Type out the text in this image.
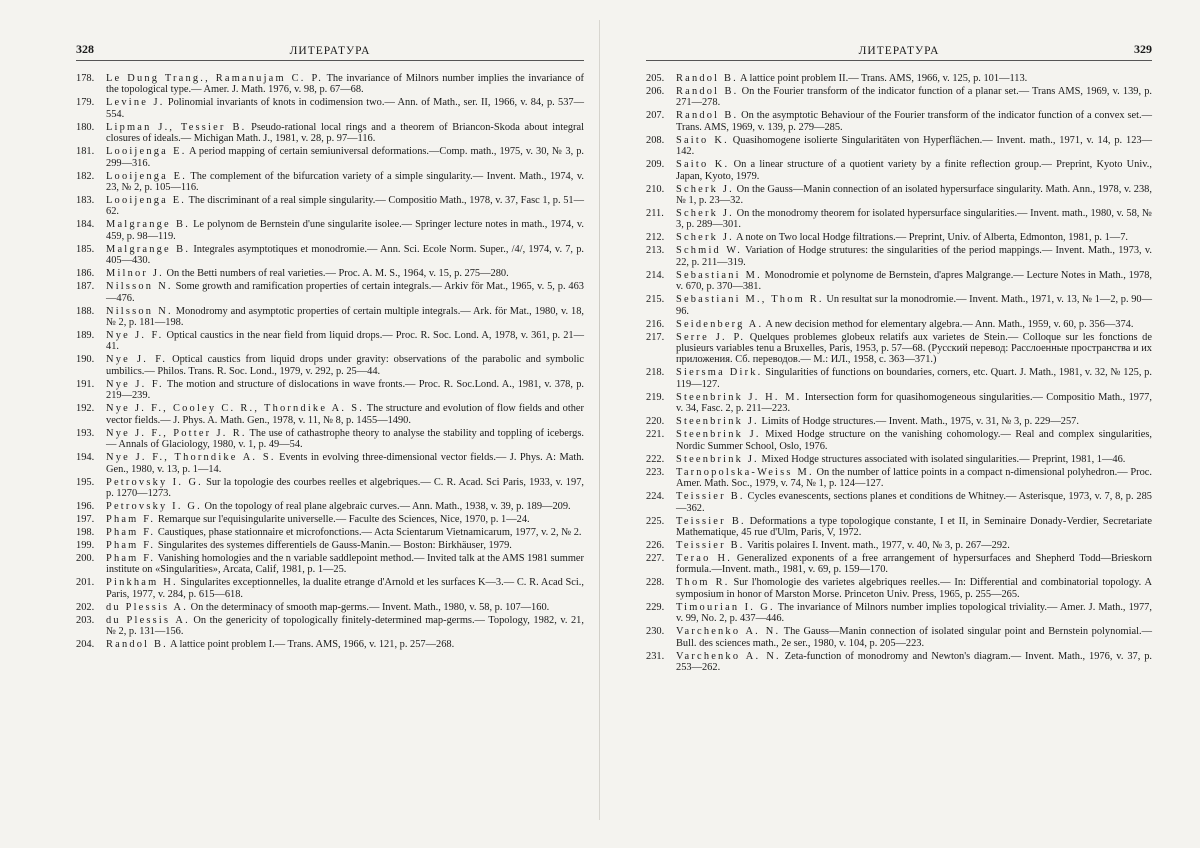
328	ЛИТЕРАТУРА
178.	Le Dung Trang., Ramanujam C. P. The invariance of Milnors number implies the invariance of the topological type.— Amer. J. Math. 1976, v. 98, p. 67—68.
179.	Levine J. Polinomial invariants of knots in codimension two.— Ann. of Math., ser. II, 1966, v. 84, p. 537—554.
180.	Lipman J., Tessier B. Pseudo-rational local rings and a theorem of Briancon-Skoda about integral closures of ideals.— Michigan Math. J., 1981, v. 28, p. 97—116.
181.	Looijenga E. A period mapping of certain semiuniversal deformations.—Comp. math., 1975, v. 30, № 3, p. 299—316.
182.	Looijenga E. The complement of the bifurcation variety of a simple singularity.— Invent. Math., 1974, v. 23, № 2, p. 105—116.
183.	Looijenga E. The discriminant of a real simple singularity.— Compositio Math., 1978, v. 37, Fasc 1, p. 51—62.
184.	Malgrange B. Le polynom de Bernstein d'une singularite isolee.— Springer lecture notes in math., 1974, v. 459, p. 98—119.
185.	Malgrange B. Integrales asymptotiques et monodromie.— Ann. Sci. Ecole Norm. Super., /4/, 1974, v. 7, p. 405—430.
186.	Milnor J. On the Betti numbers of real varieties.— Proc. A. M. S., 1964, v. 15, p. 275—280.
187.	Nilsson N. Some growth and ramification properties of certain integrals.— Arkiv för Mat., 1965, v. 5, p. 463—476.
188.	Nilsson N. Monodromy and asymptotic properties of certain multiple integrals.— Ark. för Mat., 1980, v. 18, № 2, p. 181—198.
189.	Nye J. F. Optical caustics in the near field from liquid drops.— Proc. R. Soc. Lond. A, 1978, v. 361, p. 21—41.
190.	Nye J. F. Optical caustics from liquid drops under gravity: observations of the parabolic and symbolic umbilics.— Philos. Trans. R. Soc. Lond., 1979, v. 292, p. 25—44.
191.	Nye J. F. The motion and structure of dislocations in wave fronts.— Proc. R. Soc.Lond. A., 1981, v. 378, p. 219—239.
192.	Nye J. F., Cooley C. R., Thorndike A. S. The structure and evolution of flow fields and other vector fields.— J. Phys. A. Math. Gen., 1978, v. 11, № 8, p. 1455—1490.
193.	Nye J. F., Potter J. R. The use of cathastrophe theory to analyse the stability and toppling of icebergs.— Annals of Glaciology, 1980, v. 1, p. 49—54.
194.	Nye J. F., Thorndike A. S. Events in evolving three-dimensional vector fields.— J. Phys. A: Math. Gen., 1980, v. 13, p. 1—14.
195.	Petrovsky I. G. Sur la topologie des courbes reelles et algebriques.— C. R. Acad. Sci Paris, 1933, v. 197, p. 1270—1273.
196.	Petrovsky I. G. On the topology of real plane algebraic curves.— Ann. Math., 1938, v. 39, p. 189—209.
197.	Pham F. Remarque sur l'equisingularite universelle.— Faculte des Sciences, Nice, 1970, p. 1—24.
198.	Pham F. Caustiques, phase stationnaire et microfonctions.— Acta Scientarum Vietnamicarum, 1977, v. 2, № 2.
199.	Pham F. Singularites des systemes differentiels de Gauss-Manin.— Boston: Birkhäuser, 1979.
200.	Pham F. Vanishing homologies and the n variable saddlepoint method.— Invited talk at the AMS 1981 summer institute on «Singularities», Arcata, Calif, 1981, p. 1—25.
201.	Pinkham H. Singularites exceptionnelles, la dualite etrange d'Arnold et les surfaces K—3.— C. R. Acad Sci., Paris, 1977, v. 284, p. 615—618.
202.	du Plessis A. On the determinacy of smooth map-germs.— Invent. Math., 1980, v. 58, p. 107—160.
203.	du Plessis A. On the genericity of topologically finitely-determined map-germs.— Topology, 1982, v. 21, № 2, p. 131—156.
204.	Randol B. A lattice point problem I.— Trans. AMS, 1966, v. 121, p. 257—268.
ЛИТЕРАТУРА	329
205.	Randol B. A lattice point problem II.— Trans. AMS, 1966, v. 125, p. 101—113.
206.	Randol B. On the Fourier transform of the indicator function of a planar set.— Trans AMS, 1969, v. 139, p. 271—278.
207.	Randol B. On the asymptotic Behaviour of the Fourier transform of the indicator function of a convex set.— Trans. AMS, 1969, v. 139, p. 279—285.
208.	Saito K. Quasihomogene isolierte Singularitäten von Hyperflächen.— Invent. math., 1971, v. 14, p. 123—142.
209.	Saito K. On a linear structure of a quotient variety by a finite reflection group.— Preprint, Kyoto Univ., Japan, Kyoto, 1979.
210.	Scherk J. On the Gauss—Manin connection of an isolated hypersurface singularity. Math. Ann., 1978, v. 238, № 1, p. 23—32.
211.	Scherk J. On the monodromy theorem for isolated hypersurface singularities.— Invent. math., 1980, v. 58, № 3, p. 289—301.
212.	Scherk J. A note on Two local Hodge filtrations.— Preprint, Univ. of Alberta, Edmonton, 1981, p. 1—7.
213.	Schmid W. Variation of Hodge strutures: the singularities of the period mappings.— Invent. Math., 1973, v. 22, p. 211—319.
214.	Sebastiani M. Monodromie et polynome de Bernstein, d'apres Malgrange.— Lecture Notes in Math., 1978, v. 670, p. 370—381.
215.	Sebastiani M., Thom R. Un resultat sur la monodromie.— Invent. Math., 1971, v. 13, № 1—2, p. 90—96.
216.	Seidenberg A. A new decision method for elementary algebra.— Ann. Math., 1959, v. 60, p. 356—374.
217.	Serre J. P. Quelques problemes globeux relatifs aux varietes de Stein.— Colloque sur les fonctions de plusieurs variables tenu a Bruxelles, Paris, 1953, p. 57—68. (Русский перевод: Расслоенные пространства и их приложения. Сб. переводов.— М.: ИЛ., 1958, с. 363—371.)
218.	Siersma Dirk. Singularities of functions on boundaries, corners, etc. Quart. J. Math., 1981, v. 32, № 125, p. 119—127.
219.	Steenbrink J. H. M. Intersection form for quasihomogeneous singularities.— Compositio Math., 1977, v. 34, Fasc. 2, p. 211—223.
220.	Steenbrink J. Limits of Hodge structures.— Invent. Math., 1975, v. 31, № 3, p. 229—257.
221.	Steenbrink J. Mixed Hodge structure on the vanishing cohomology.— Real and complex singularities, Nordic Summer School, Oslo, 1976.
222.	Steenbrink J. Mixed Hodge structures associated with isolated singularities.— Preprint, 1981, 1—46.
223.	Tarnopolska-Weiss M. On the number of lattice points in a compact n-dimensional polyhedron.— Proc. Amer. Math. Soc., 1979, v. 74, № 1, p. 124—127.
224.	Teissier B. Cycles evanescents, sections planes et conditions de Whitney.— Asterisque, 1973, v. 7, 8, p. 285—362.
225.	Teissier B. Deformations a type topologique constante, I et II, in Seminaire Donady-Verdier, Secretariate Mathematique, 45 rue d'Ulm, Paris, V, 1972.
226.	Teissier B. Varitis polaires I. Invent. math., 1977, v. 40, № 3, p. 267—292.
227.	Terao H. Generalized exponents of a free arrangement of hypersurfaces and Shepherd Todd—Brieskorn formula.—Invent. math., 1981, v. 69, p. 159—170.
228.	Thom R. Sur l'homologie des varietes algebriques reelles.— In: Differential and combinatorial topology. A symposium in honor of Marston Morse. Princeton Univ. Press, 1965, p. 255—265.
229.	Timourian I. G. The invariance of Milnors number implies topological triviality.— Amer. J. Math., 1977, v. 99, No. 2, p. 437—446.
230.	Varchenko A. N. The Gauss—Manin connection of isolated singular point and Bernstein polynomial.— Bull. des sciences math., 2e ser., 1980, v. 104, p. 205—223.
231.	Varchenko A. N. Zeta-function of monodromy and Newton's diagram.— Invent. Math., 1976, v. 37, p. 253—262.
